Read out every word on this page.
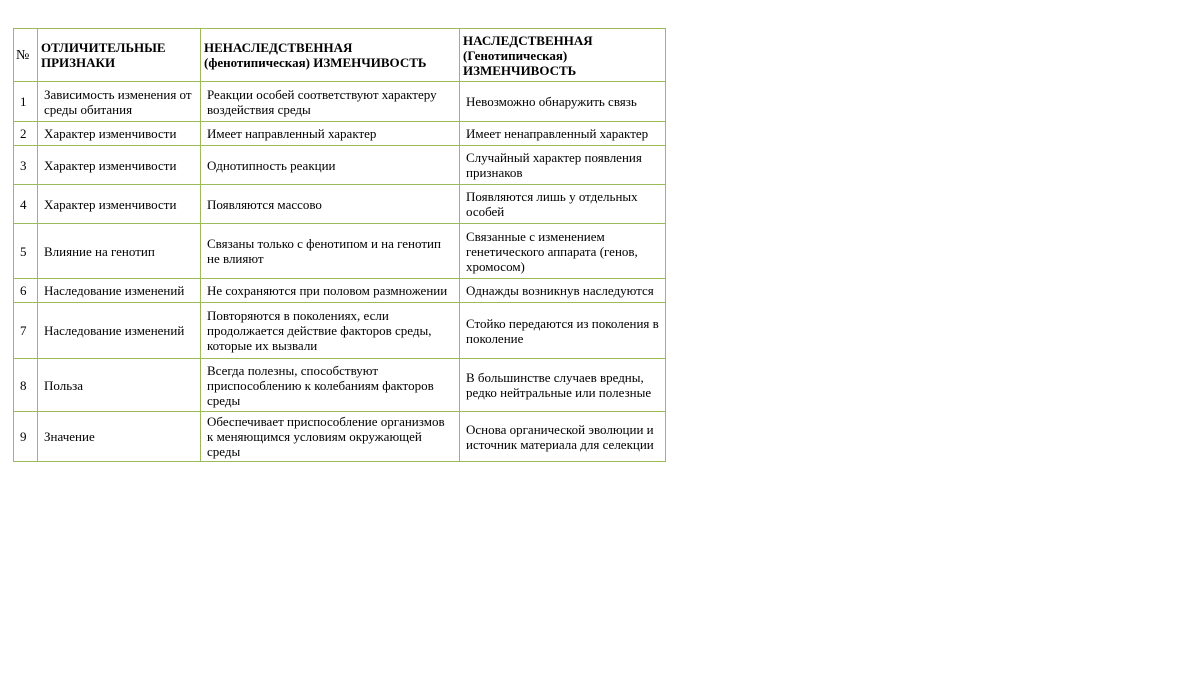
№	ОТЛИЧИТЕЛЬНЫЕ ПРИЗНАКИ	НЕНАСЛЕДСТВЕННАЯ (фенотипическая) ИЗМЕНЧИВОСТЬ	НАСЛЕДСТВЕННАЯ (Генотипическая) ИЗМЕНЧИВОСТЬ
1	Зависимость изменения от среды обитания	Реакции особей соответствуют характеру воздействия среды	Невозможно обнаружить связь
2	Характер изменчивости	Имеет направленный характер	Имеет ненаправленный характер
3	Характер изменчивости	Однотипность реакции	Случайный характер появления признаков
4	Характер изменчивости	Появляются массово	Появляются лишь у отдельных особей
5	Влияние на генотип	Связаны только с фенотипом и на генотип не влияют	Связанные с изменением генетического аппарата (генов, хромосом)
6	Наследование изменений	Не сохраняются при половом размножении	Однажды возникнув наследуются
7	Наследование изменений	Повторяются в поколениях, если продолжается действие факторов среды, которые их вызвали	Стойко передаются из поколения в поколение
8	Польза	Всегда полезны, способствуют приспособлению к колебаниям факторов среды	В большинстве случаев вредны, редко нейтральные или полезные
9	Значение	Обеспечивает приспособление организмов к меняющимся условиям окружающей среды	Основа органической эволюции и источник материала для селекции
